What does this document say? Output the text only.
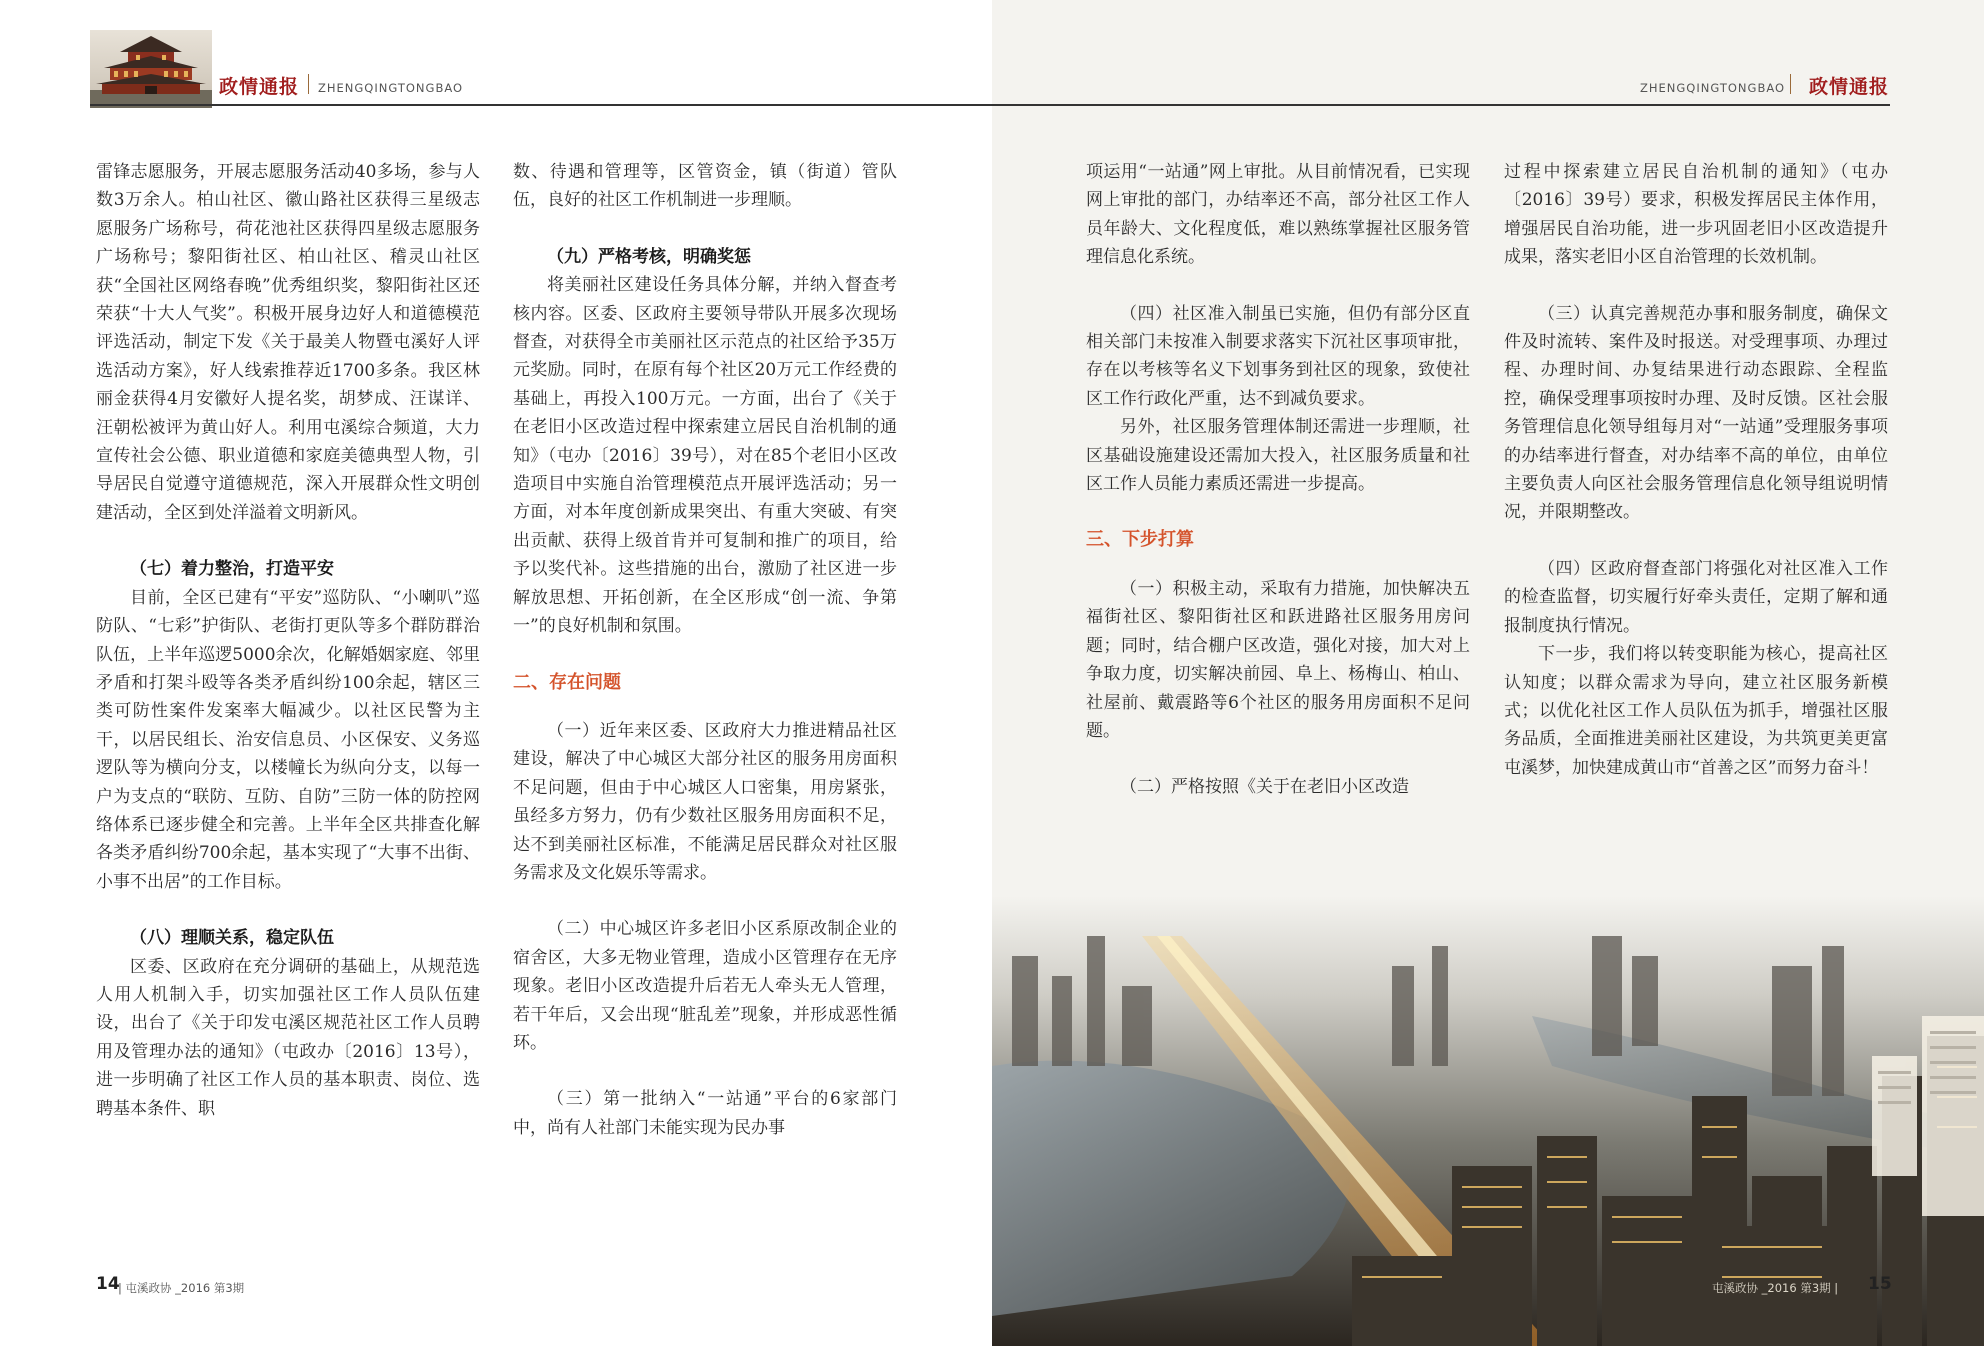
政情通报 ZHENGQINGTONGBAO

雷锋志愿服务，开展志愿服务活动40多场，参与人数3万余人。柏山社区、徽山路社区获得三星级志愿服务广场称号，荷花池社区获得四星级志愿服务广场称号；黎阳街社区、柏山社区、稽灵山社区获“全国社区网络春晚”优秀组织奖，黎阳街社区还荣获“十大人气奖”。积极开展身边好人和道德模范评选活动，制定下发《关于最美人物暨屯溪好人评选活动方案》，好人线索推荐近1700多条。我区林丽金获得4月安徽好人提名奖，胡梦成、汪谋详、汪朝松被评为黄山好人。利用屯溪综合频道，大力宣传社会公德、职业道德和家庭美德典型人物，引导居民自觉遵守道德规范，深入开展群众性文明创建活动，全区到处洋溢着文明新风。

（七）着力整治，打造平安

目前，全区已建有“平安”巡防队、“小喇叭”巡防队、“七彩”护街队、老街打更队等多个群防群治队伍，上半年巡逻5000余次，化解婚姻家庭、邻里矛盾和打架斗殴等各类矛盾纠纷100余起，辖区三类可防性案件发案率大幅减少。以社区民警为主干，以居民组长、治安信息员、小区保安、义务巡逻队等为横向分支，以楼幢长为纵向分支，以每一户为支点的“联防、互防、自防”三防一体的防控网络体系已逐步健全和完善。上半年全区共排查化解各类矛盾纠纷700余起，基本实现了“大事不出街、小事不出居”的工作目标。

（八）理顺关系，稳定队伍

区委、区政府在充分调研的基础上，从规范选人用人机制入手，切实加强社区工作人员队伍建设，出台了《关于印发屯溪区规范社区工作人员聘用及管理办法的通知》（屯政办〔2016〕13号），进一步明确了社区工作人员的基本职责、岗位、选聘基本条件、职

数、待遇和管理等，区管资金，镇（街道）管队伍，良好的社区工作机制进一步理顺。

（九）严格考核，明确奖惩

将美丽社区建设任务具体分解，并纳入督查考核内容。区委、区政府主要领导带队开展多次现场督查，对获得全市美丽社区示范点的社区给予35万元奖励。同时，在原有每个社区20万元工作经费的基础上，再投入100万元。一方面，出台了《关于在老旧小区改造过程中探索建立居民自治机制的通知》（屯办〔2016〕39号），对在85个老旧小区改造项目中实施自治管理模范点开展评选活动；另一方面，对本年度创新成果突出、有重大突破、有突出贡献、获得上级首肯并可复制和推广的项目，给予以奖代补。这些措施的出台，激励了社区进一步解放思想、开拓创新，在全区形成“创一流、争第一”的良好机制和氛围。

二、存在问题

（一）近年来区委、区政府大力推进精品社区建设，解决了中心城区大部分社区的服务用房面积不足问题，但由于中心城区人口密集，用房紧张，虽经多方努力，仍有少数社区服务用房面积不足，达不到美丽社区标准，不能满足居民群众对社区服务需求及文化娱乐等需求。

（二）中心城区许多老旧小区系原改制企业的宿舍区，大多无物业管理，造成小区管理存在无序现象。老旧小区改造提升后若无人牵头无人管理，若干年后，又会出现“脏乱差”现象，并形成恶性循环。

（三）第一批纳入“一站通”平台的6家部门中，尚有人社部门未能实现为民办事

14
| 屯溪政协 _2016 第3期
ZHENGQINGTONGBAO 政情通报

项运用“一站通”网上审批。从目前情况看，已实现网上审批的部门，办结率还不高，部分社区工作人员年龄大、文化程度低，难以熟练掌握社区服务管理信息化系统。

（四）社区准入制虽已实施，但仍有部分区直相关部门未按准入制要求落实下沉社区事项审批，存在以考核等名义下划事务到社区的现象，致使社区工作行政化严重，达不到减负要求。

另外，社区服务管理体制还需进一步理顺，社区基础设施建设还需加大投入，社区服务质量和社区工作人员能力素质还需进一步提高。

三、下步打算

（一）积极主动，采取有力措施，加快解决五福街社区、黎阳街社区和跃进路社区服务用房问题；同时，结合棚户区改造，强化对接，加大对上争取力度，切实解决前园、阜上、杨梅山、柏山、社屋前、戴震路等6个社区的服务用房面积不足问题。

（二）严格按照《关于在老旧小区改造

过程中探索建立居民自治机制的通知》（屯办〔2016〕39号）要求，积极发挥居民主体作用，增强居民自治功能，进一步巩固老旧小区改造提升成果，落实老旧小区自治管理的长效机制。

（三）认真完善规范办事和服务制度，确保文件及时流转、案件及时报送。对受理事项、办理过程、办理时间、办复结果进行动态跟踪、全程监控，确保受理事项按时办理、及时反馈。区社会服务管理信息化领导组每月对“一站通”受理服务事项的办结率进行督查，对办结率不高的单位，由单位主要负责人向区社会服务管理信息化领导组说明情况，并限期整改。

（四）区政府督查部门将强化对社区准入工作的检查监督，切实履行好牵头责任，定期了解和通报制度执行情况。

下一步，我们将以转变职能为核心，提高社区认知度；以群众需求为导向，建立社区服务新模式；以优化社区工作人员队伍为抓手，增强社区服务品质，全面推进美丽社区建设，为共筑更美更富屯溪梦，加快建成黄山市“首善之区”而努力奋斗！

屯溪政协 _2016 第3期 | 15
